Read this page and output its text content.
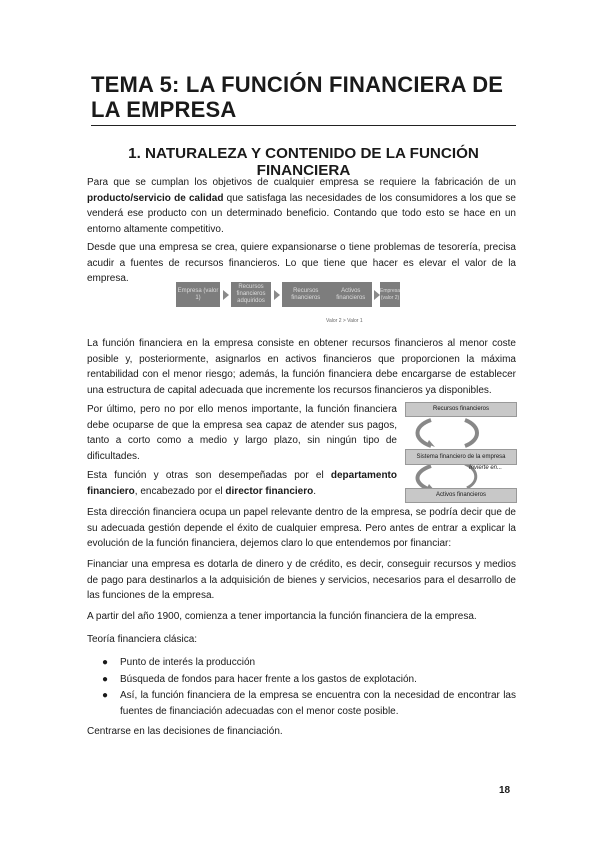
TEMA 5: LA FUNCIÓN FINANCIERA DE LA EMPRESA
1. NATURALEZA Y CONTENIDO DE LA FUNCIÓN FINANCIERA

Para que se cumplan los objetivos de cualquier empresa se requiere la fabricación de un producto/servicio de calidad que satisfaga las necesidades de los consumidores a los que se venderá ese producto con un determinado beneficio. Contando que todo esto se hace en un entorno altamente competitivo.

Desde que una empresa se crea, quiere expansionarse o tiene problemas de tesorería, precisa acudir a fuentes de recursos financieros. Lo que tiene que hacer es elevar el valor de la empresa.

Empresa (valor 1)
Recursos financieros adquiridos
Recursos financieros
Activos financieros
Empresa (valor 2)
Valor 2 > Valor 1

La función financiera en la empresa consiste en obtener recursos financieros al menor coste posible y, posteriormente, asignarlos en activos financieros que proporcionen la máxima rentabilidad con el menor riesgo; además, la función financiera debe encargarse de establecer una estructura de capital adecuada que incremente los recursos financieros ya disponibles.

Por último, pero no por ello menos importante, la función financiera debe ocuparse de que la empresa sea capaz de atender sus pagos, tanto a corto como a medio y largo plazo, sin ningún tipo de dificultades.

Esta función y otras son desempeñadas por el departamento financiero, encabezado por el director financiero.

Recursos financieros
Sistema financiero de la empresa
Invierte en...
Activos financieros

Esta dirección financiera ocupa un papel relevante dentro de la empresa, se podría decir que de su adecuada gestión depende el éxito de cualquier empresa. Pero antes de entrar a explicar la evolución de la función financiera, dejemos claro lo que entendemos por financiar:

Financiar una empresa es dotarla de dinero y de crédito, es decir, conseguir recursos y medios de pago para destinarlos a la adquisición de bienes y servicios, necesarios para el desarrollo de las funciones de la empresa.

A partir del año 1900, comienza a tener importancia la función financiera de la empresa.

Teoría financiera clásica:

● Punto de interés la producción
● Búsqueda de fondos para hacer frente a los gastos de explotación.
● Así, la función financiera de la empresa se encuentra con la necesidad de encontrar las fuentes de financiación adecuadas con el menor coste posible.

Centrarse en las decisiones de financiación.

18
